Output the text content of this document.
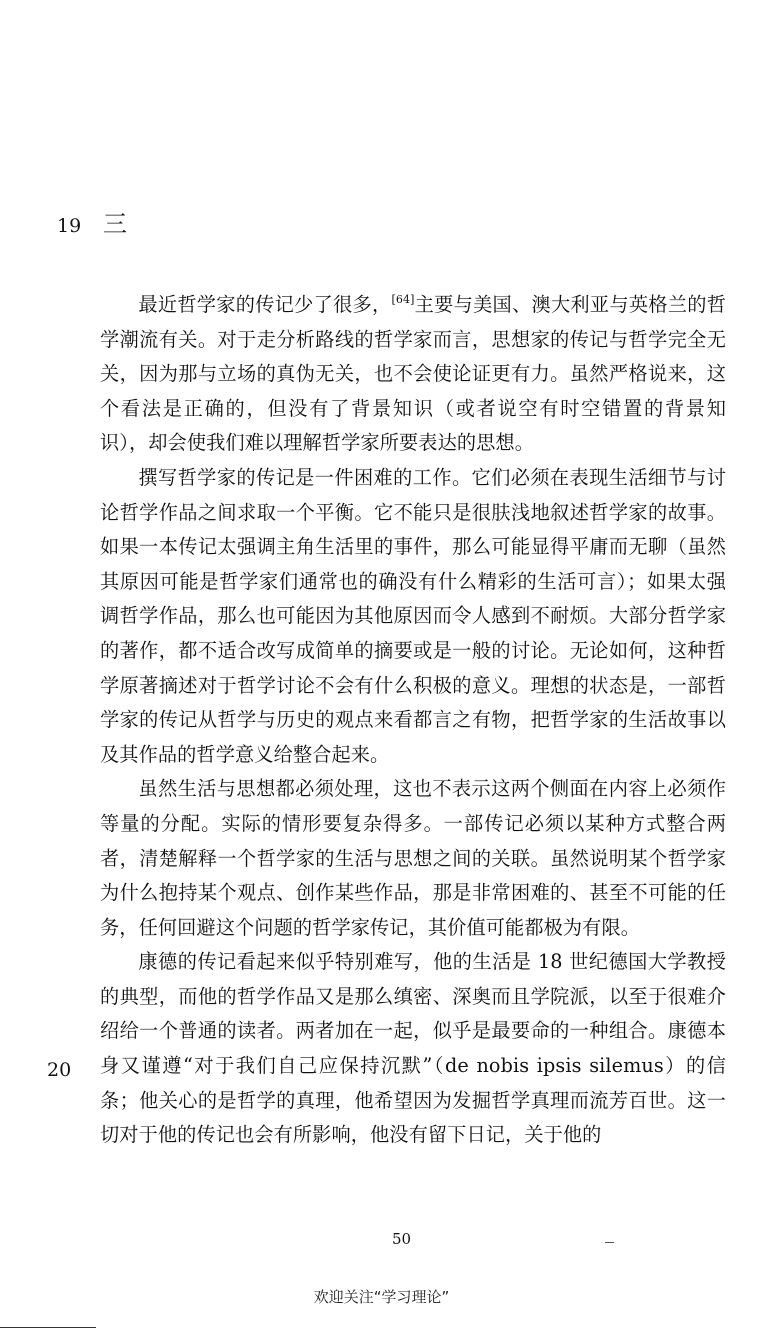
19 三

最近哲学家的传记少了很多，[64]主要与美国、澳大利亚与英格兰的哲学潮流有关。对于走分析路线的哲学家而言，思想家的传记与哲学完全无关，因为那与立场的真伪无关，也不会使论证更有力。虽然严格说来，这个看法是正确的，但没有了背景知识（或者说空有时空错置的背景知识），却会使我们难以理解哲学家所要表达的思想。

撰写哲学家的传记是一件困难的工作。它们必须在表现生活细节与讨论哲学作品之间求取一个平衡。它不能只是很肤浅地叙述哲学家的故事。如果一本传记太强调主角生活里的事件，那么可能显得平庸而无聊（虽然其原因可能是哲学家们通常也的确没有什么精彩的生活可言）；如果太强调哲学作品，那么也可能因为其他原因而令人感到不耐烦。大部分哲学家的著作，都不适合改写成简单的摘要或是一般的讨论。无论如何，这种哲学原著摘述对于哲学讨论不会有什么积极的意义。理想的状态是，一部哲学家的传记从哲学与历史的观点来看都言之有物，把哲学家的生活故事以及其作品的哲学意义给整合起来。

虽然生活与思想都必须处理，这也不表示这两个侧面在内容上必须作等量的分配。实际的情形要复杂得多。一部传记必须以某种方式整合两者，清楚解释一个哲学家的生活与思想之间的关联。虽然说明某个哲学家为什么抱持某个观点、创作某些作品，那是非常困难的、甚至不可能的任务，任何回避这个问题的哲学家传记，其价值可能都极为有限。

康德的传记看起来似乎特别难写，他的生活是 18 世纪德国大学教授的典型，而他的哲学作品又是那么缜密、深奥而且学院派，以至于很难介绍给一个普通的读者。两者加在一起，似乎是最要命的一种组合。康德本身又谨遵“对于我们自己应保持沉默”（de nobis ipsis silemus）的信条；他关心的是哲学的真理，他希望因为发掘哲学真理而流芳百世。这一切对于他的传记也会有所影响，他没有留下日记，关于他的

20
50
欢迎关注“学习理论”
